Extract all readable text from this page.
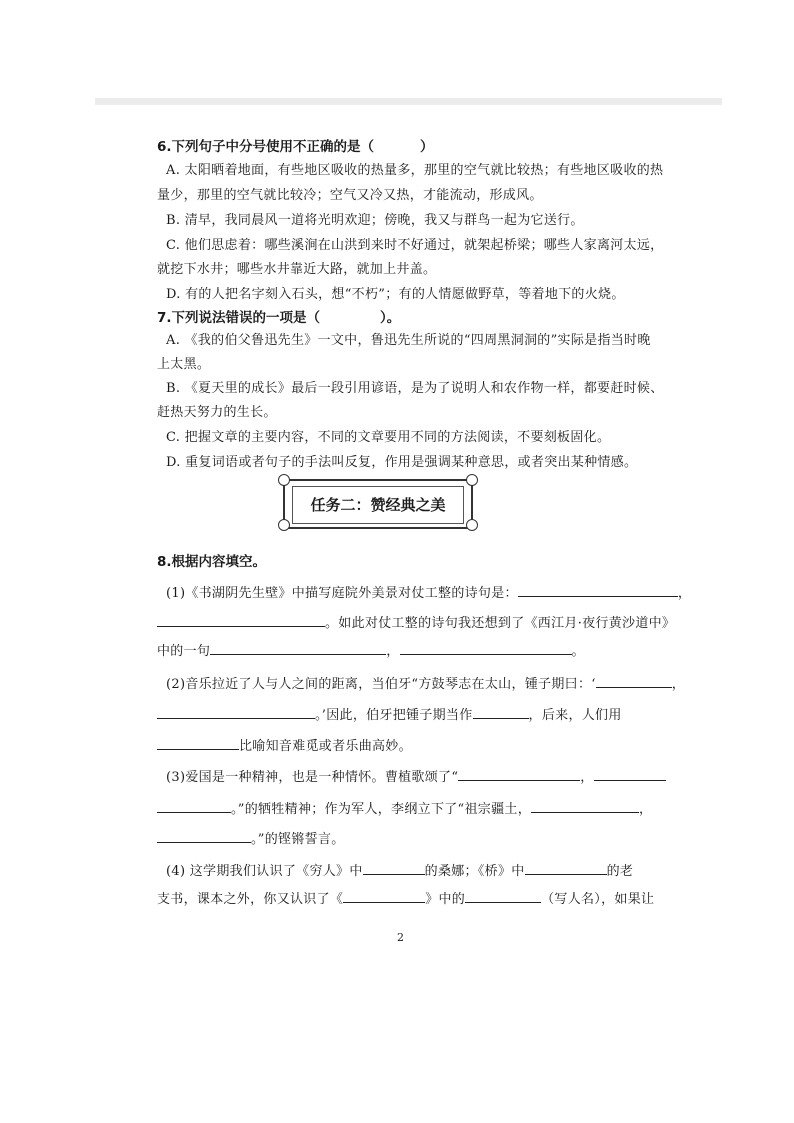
6.下列句子中分号使用不正确的是（	）
A. 太阳晒着地面，有些地区吸收的热量多，那里的空气就比较热；有些地区吸收的热
量少，那里的空气就比较冷；空气又冷又热，才能流动，形成风。
B. 清早，我同晨风一道将光明欢迎；傍晚，我又与群鸟一起为它送行。
C. 他们思虑着：哪些溪涧在山洪到来时不好通过，就架起桥梁；哪些人家离河太远，
就挖下水井；哪些水井靠近大路，就加上井盖。
D. 有的人把名字刻入石头，想“不朽”；有的人情愿做野草，等着地下的火烧。
7.下列说法错误的一项是（	）。
A. 《我的伯父鲁迅先生》一文中，鲁迅先生所说的“四周黑洞洞的”实际是指当时晚
上太黑。
B. 《夏天里的成长》最后一段引用谚语，是为了说明人和农作物一样，都要赶时候、
赶热天努力的生长。
C. 把握文章的主要内容，不同的文章要用不同的方法阅读，不要刻板固化。
D. 重复词语或者句子的手法叫反复，作用是强调某种意思，或者突出某种情感。
任务二：赞经典之美
8.根据内容填空。
(1)《书湖阴先生壁》中描写庭院外美景对仗工整的诗句是：	，
。如此对仗工整的诗句我还想到了《西江月·夜行黄沙道中》
中的一句	，	。
(2)音乐拉近了人与人之间的距离，当伯牙“方鼓琴志在太山，锺子期曰：‘	，
。’因此，伯牙把锺子期当作	，后来，人们用
比喻知音难觅或者乐曲高妙。
(3)爱国是一种精神，也是一种情怀。曹植歌颂了“	，
。”的牺牲精神；作为军人，李纲立下了“祖宗疆土，	，
。”的铿锵誓言。
(4) 这学期我们认识了《穷人》中	的桑娜；《桥》中	的老
支书，课本之外，你又认识了《	》中的	（写人名），如果让
2
